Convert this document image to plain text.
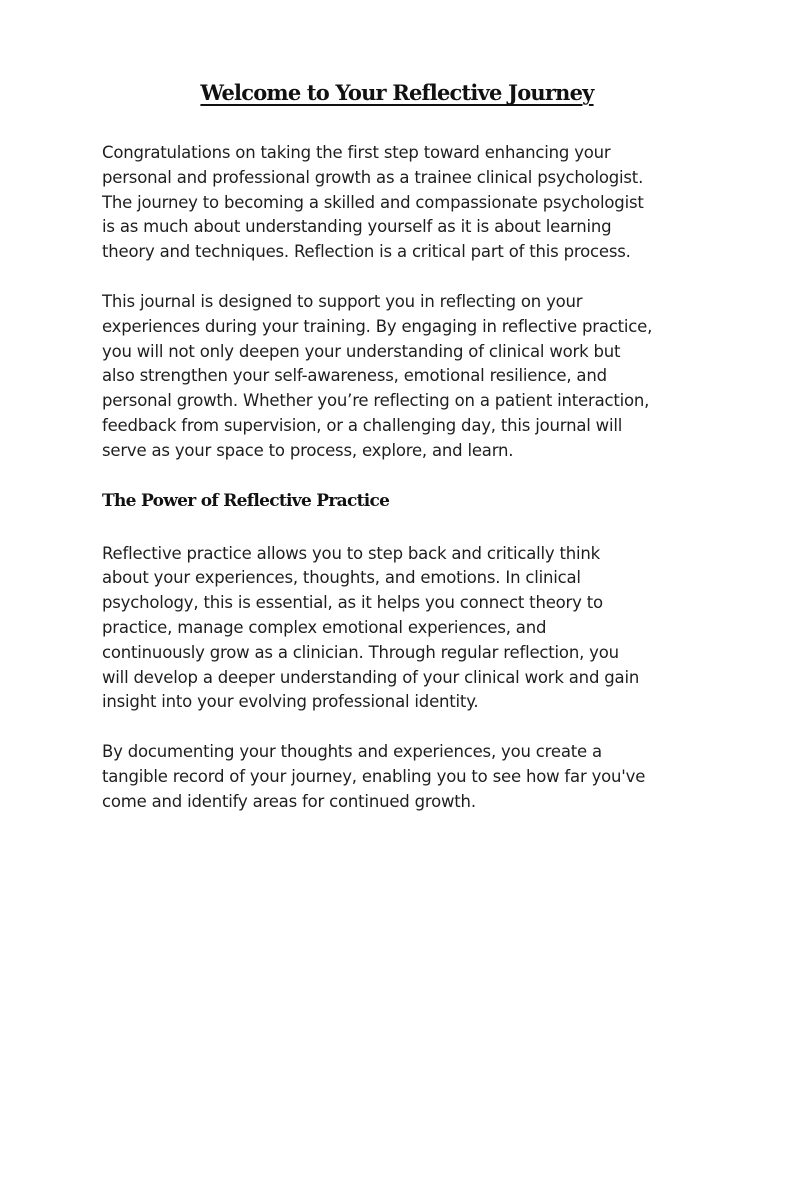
Welcome to Your Reflective Journey

Congratulations on taking the first step toward enhancing your
personal and professional growth as a trainee clinical psychologist.
The journey to becoming a skilled and compassionate psychologist
is as much about understanding yourself as it is about learning
theory and techniques. Reflection is a critical part of this process.

This journal is designed to support you in reflecting on your
experiences during your training. By engaging in reflective practice,
you will not only deepen your understanding of clinical work but
also strengthen your self-awareness, emotional resilience, and
personal growth. Whether you’re reflecting on a patient interaction,
feedback from supervision, or a challenging day, this journal will
serve as your space to process, explore, and learn.

The Power of Reflective Practice

Reflective practice allows you to step back and critically think
about your experiences, thoughts, and emotions. In clinical
psychology, this is essential, as it helps you connect theory to
practice, manage complex emotional experiences, and
continuously grow as a clinician. Through regular reflection, you
will develop a deeper understanding of your clinical work and gain
insight into your evolving professional identity.

By documenting your thoughts and experiences, you create a
tangible record of your journey, enabling you to see how far you've
come and identify areas for continued growth.
